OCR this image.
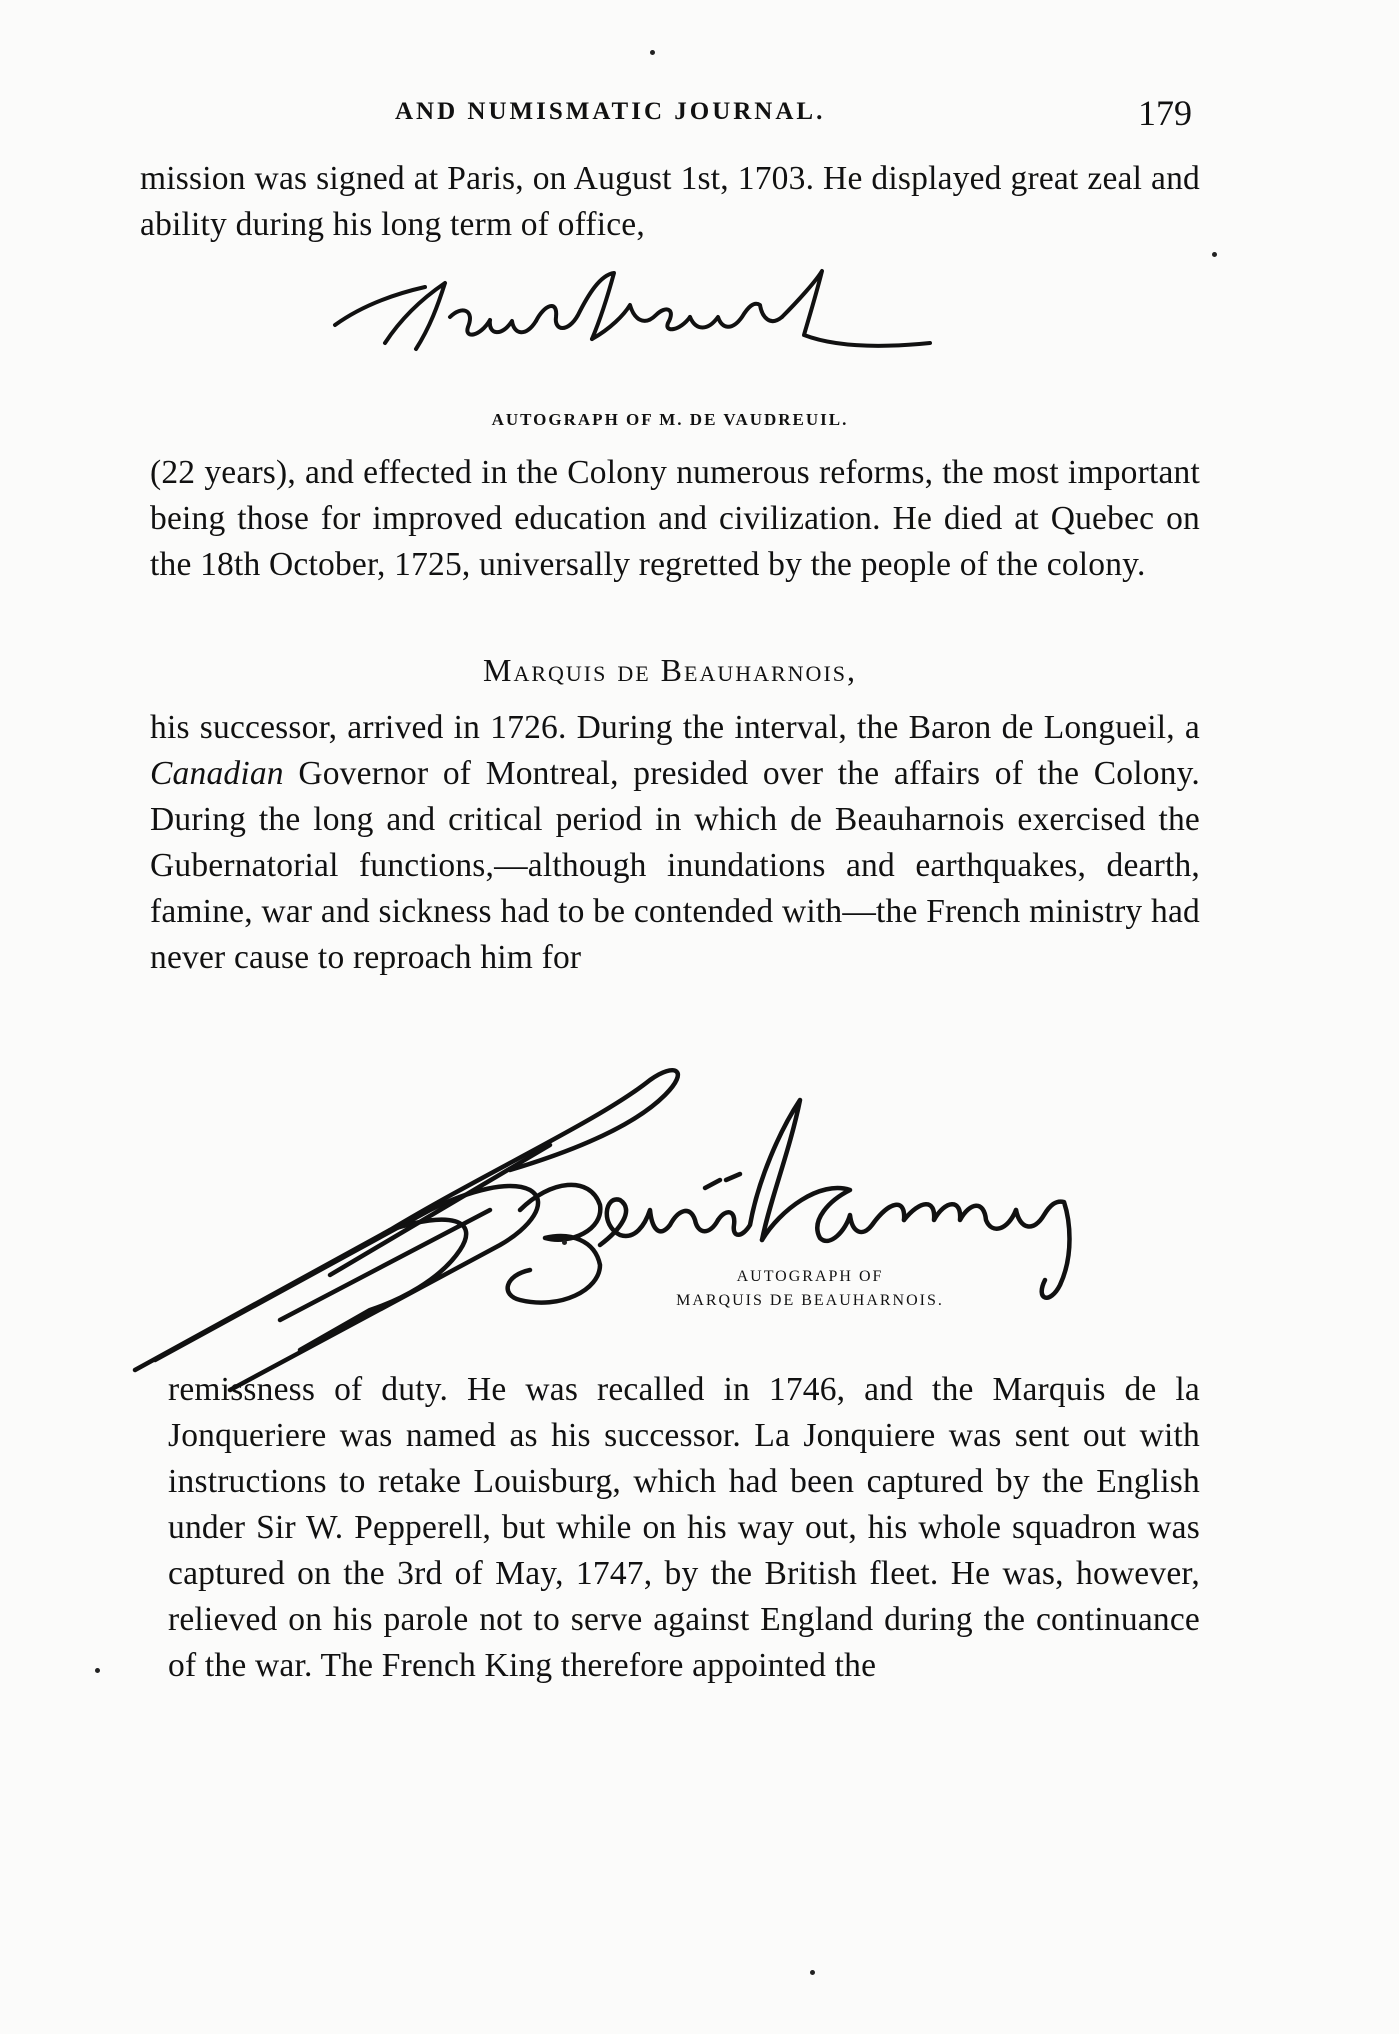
AND NUMISMATIC JOURNAL.	179

mission was signed at Paris, on August 1st, 1703. He displayed great zeal and ability during his long term of office,

AUTOGRAPH OF M. DE VAUDREUIL.

(22 years), and effected in the Colony numerous reforms, the most important being those for improved education and civilization. He died at Quebec on the 18th October, 1725, universally regretted by the people of the colony.

Marquis de Beauharnois,

his successor, arrived in 1726. During the interval, the Baron de Longueil, a Canadian Governor of Montreal, presided over the affairs of the Colony. During the long and critical period in which de Beauharnois exercised the Gubernatorial functions,—although inundations and earthquakes, dearth, famine, war and sickness had to be contended with—the French ministry had never cause to reproach him for

AUTOGRAPH OF
MARQUIS DE BEAUHARNOIS.

remissness of duty. He was recalled in 1746, and the Marquis de la Jonqueriere was named as his successor. La Jonquiere was sent out with instructions to retake Louisburg, which had been captured by the English under Sir W. Pepperell, but while on his way out, his whole squadron was captured on the 3rd of May, 1747, by the British fleet. He was, however, relieved on his parole not to serve against England during the continuance of the war. The French King therefore appointed the
